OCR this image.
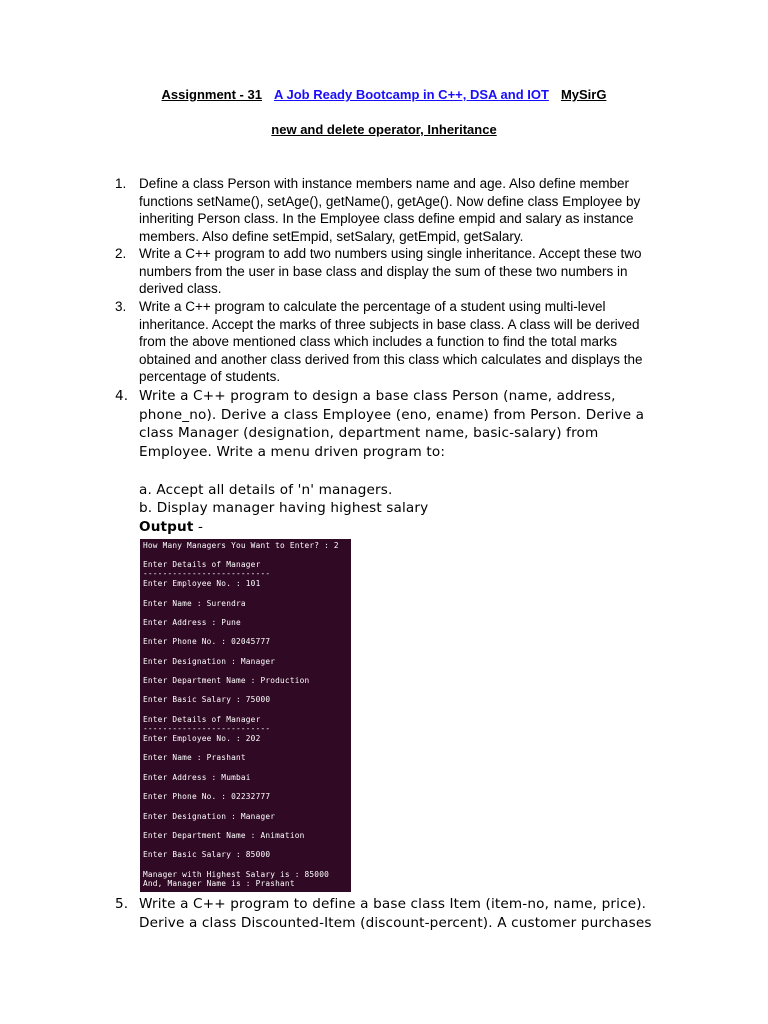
Assignment - 31 A Job Ready Bootcamp in C++, DSA and IOT MySirG
new and delete operator, Inheritance
1. Define a class Person with instance members name and age. Also define member
functions setName(), setAge(), getName(), getAge(). Now define class Employee by
inheriting Person class. In the Employee class define empid and salary as instance
members. Also define setEmpid, setSalary, getEmpid, getSalary.
2. Write a C++ program to add two numbers using single inheritance. Accept these two
numbers from the user in base class and display the sum of these two numbers in
derived class.
3. Write a C++ program to calculate the percentage of a student using multi-level
inheritance. Accept the marks of three subjects in base class. A class will be derived
from the above mentioned class which includes a function to find the total marks
obtained and another class derived from this class which calculates and displays the
percentage of students.
4. Write a C++ program to design a base class Person (name, address,
phone_no). Derive a class Employee (eno, ename) from Person. Derive a
class Manager (designation, department name, basic-salary) from
Employee. Write a menu driven program to:

a. Accept all details of 'n' managers.
b. Display manager having highest salary
Output -
How Many Managers You Want to Enter? : 2
Enter Details of Manager
--------------------------
Enter Employee No. : 101
Enter Name : Surendra
Enter Address : Pune
Enter Phone No. : 02045777
Enter Designation : Manager
Enter Department Name : Production
Enter Basic Salary : 75000
Enter Details of Manager
--------------------------
Enter Employee No. : 202
Enter Name : Prashant
Enter Address : Mumbai
Enter Phone No. : 02232777
Enter Designation : Manager
Enter Department Name : Animation
Enter Basic Salary : 85000
Manager with Highest Salary is : 85000
And, Manager Name is : Prashant
5. Write a C++ program to define a base class Item (item-no, name, price).
Derive a class Discounted-Item (discount-percent). A customer purchases
